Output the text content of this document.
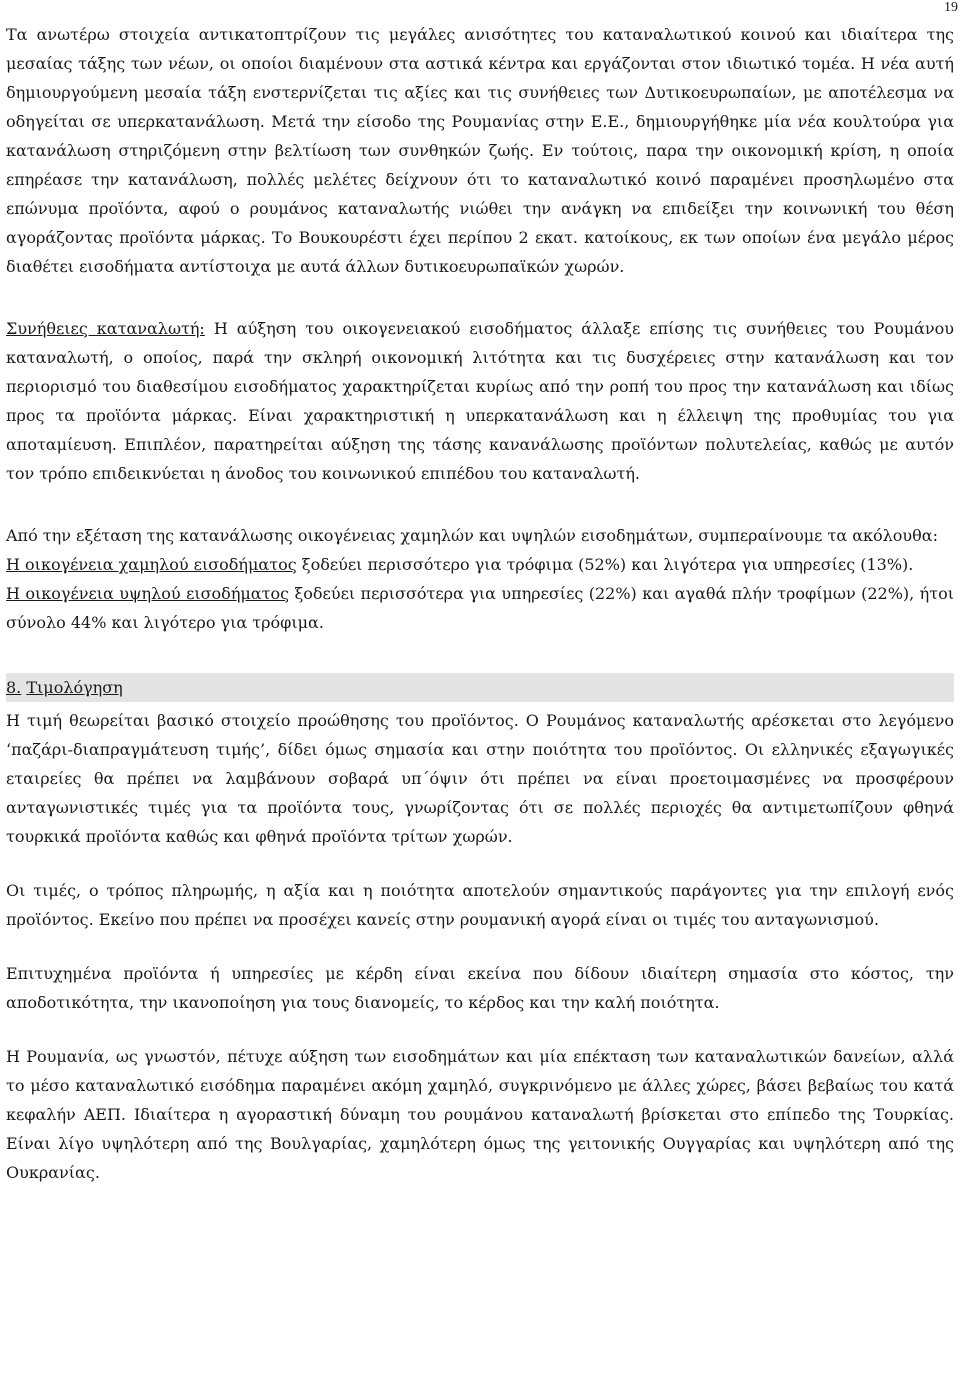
19

Τα ανωτέρω στοιχεία αντικατοπτρίζουν τις μεγάλες ανισότητες του καταναλωτικού κοινού και ιδιαίτερα της μεσαίας τάξης των νέων, οι οποίοι διαμένουν στα αστικά κέντρα και εργάζονται στον ιδιωτικό τομέα. Η νέα αυτή δημιουργούμενη μεσαία τάξη ενστερνίζεται τις αξίες και τις συνήθειες των Δυτικοευρωπαίων, με αποτέλεσμα να οδηγείται σε υπερκατανάλωση. Μετά την είσοδο της Ρουμανίας στην Ε.Ε., δημιουργήθηκε μία νέα κουλτούρα για κατανάλωση στηριζόμενη στην βελτίωση των συνθηκών ζωής. Εν τούτοις, παρα την οικονομική κρίση, η οποία επηρέασε την κατανάλωση, πολλές μελέτες δείχνουν ότι το καταναλωτικό κοινό παραμένει προσηλωμένο στα επώνυμα προϊόντα, αφού ο ρουμάνος καταναλωτής νιώθει την ανάγκη να επιδείξει την κοινωνική του θέση αγοράζοντας προϊόντα μάρκας. Το Βουκουρέστι έχει περίπου 2 εκατ. κατοίκους, εκ των οποίων ένα μεγάλο μέρος διαθέτει εισοδήματα αντίστοιχα με αυτά άλλων δυτικοευρωπαϊκών χωρών.

Συνήθειες καταναλωτή: Η αύξηση του οικογενειακού εισοδήματος άλλαξε επίσης τις συνήθειες του Ρουμάνου καταναλωτή, ο οποίος, παρά την σκληρή οικονομική λιτότητα και τις δυσχέρειες στην κατανάλωση και τον περιορισμό του διαθεσίμου εισοδήματος χαρακτηρίζεται κυρίως από την ροπή του προς την κατανάλωση και ιδίως προς τα προϊόντα μάρκας. Είναι χαρακτηριστική η υπερκατανάλωση και η έλλειψη της προθυμίας του για αποταμίευση. Επιπλέον, παρατηρείται αύξηση της τάσης κανανάλωσης προϊόντων πολυτελείας, καθώς με αυτόν τον τρόπο επιδεικνύεται η άνοδος του κοινωνικού επιπέδου του καταναλωτή.

Από την εξέταση της κατανάλωσης οικογένειας χαμηλών και υψηλών εισοδημάτων, συμπεραίνουμε τα ακόλουθα:

Η οικογένεια χαμηλού εισοδήματος ξοδεύει περισσότερο για τρόφιμα (52%) και λιγότερα για υπηρεσίες (13%).

Η οικογένεια υψηλού εισοδήματος ξοδεύει περισσότερα για υπηρεσίες (22%) και αγαθά πλήν τροφίμων (22%), ήτοι σύνολο 44% και λιγότερο για τρόφιμα.

8. Τιμολόγηση

Η τιμή θεωρείται βασικό στοιχείο προώθησης του προϊόντος. Ο Ρουμάνος καταναλωτής αρέσκεται στο λεγόμενο ‘παζάρι-διαπραγμάτευση τιμής’, δίδει όμως σημασία και στην ποιότητα του προϊόντος. Οι ελληνικές εξαγωγικές εταιρείες θα πρέπει να λαμβάνουν σοβαρά υπ΄όψιν ότι πρέπει να είναι προετοιμασμένες να προσφέρουν ανταγωνιστικές τιμές για τα προϊόντα τους, γνωρίζοντας ότι σε πολλές περιοχές θα αντιμετωπίζουν φθηνά τουρκικά προϊόντα καθώς και φθηνά προϊόντα τρίτων χωρών.

Οι τιμές, ο τρόπος πληρωμής, η αξία και η ποιότητα αποτελούν σημαντικούς παράγοντες για την επιλογή ενός προϊόντος. Εκείνο που πρέπει να προσέχει κανείς στην ρουμανική αγορά είναι οι τιμές του ανταγωνισμού.

Επιτυχημένα προϊόντα ή υπηρεσίες με κέρδη είναι εκείνα που δίδουν ιδιαίτερη σημασία στο κόστος, την αποδοτικότητα, την ικανοποίηση για τους διανομείς, το κέρδος και την καλή ποιότητα.

Η Ρουμανία, ως γνωστόν, πέτυχε αύξηση των εισοδημάτων και μία επέκταση των καταναλωτικών δανείων, αλλά το μέσο καταναλωτικό εισόδημα παραμένει ακόμη χαμηλό, συγκρινόμενο με άλλες χώρες, βάσει βεβαίως του κατά κεφαλήν ΑΕΠ. Ιδιαίτερα η αγοραστική δύναμη του ρουμάνου καταναλωτή βρίσκεται στο επίπεδο της Τουρκίας. Είναι λίγο υψηλότερη από της Βουλγαρίας, χαμηλότερη όμως της γειτονικής Ουγγαρίας και υψηλότερη από της Ουκρανίας.
